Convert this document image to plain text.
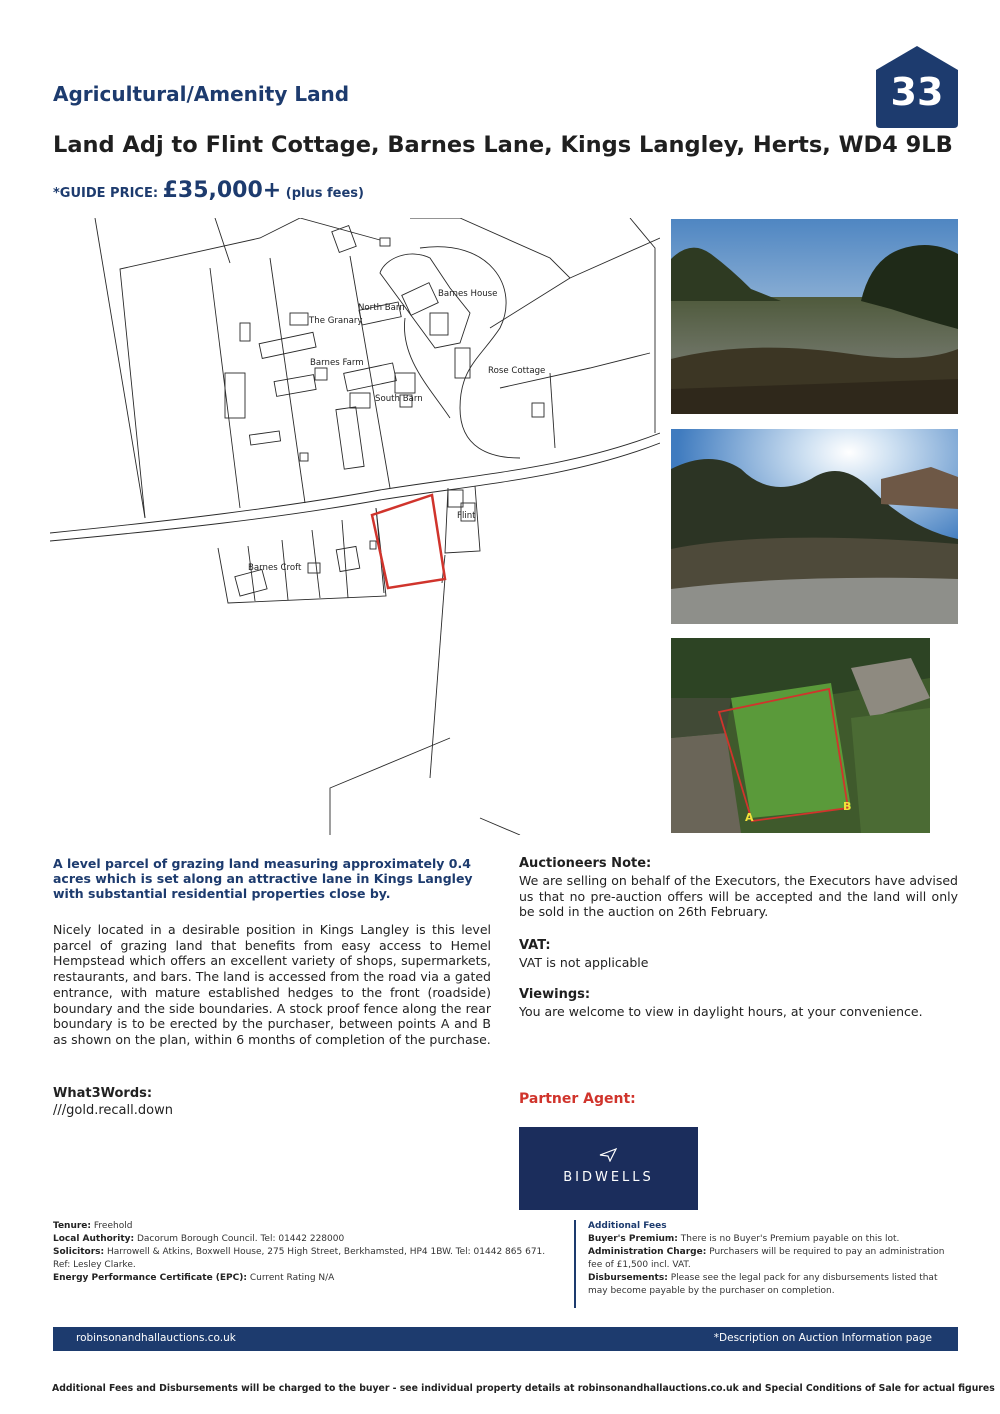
Agricultural/Amenity Land	33
Land Adj to Flint Cottage, Barnes Lane, Kings Langley, Herts, WD4 9LB
*GUIDE PRICE: £35,000+ (plus fees)
Barnes House
North Barn
The Granary
Barnes Farm
Rose Cottage
South Barn
Barnes Croft
Flint
A
B
A level parcel of grazing land measuring approximately 0.4 acres which is set along an attractive lane in Kings Langley with substantial residential properties close by.
Nicely located in a desirable position in Kings Langley is this level parcel of grazing land that benefits from easy access to Hemel Hempstead which offers an excellent variety of shops, supermarkets, restaurants, and bars. The land is accessed from the road via a gated entrance, with mature established hedges to the front (roadside) boundary and the side boundaries. A stock proof fence along the rear boundary is to be erected by the purchaser, between points A and B as shown on the plan, within 6 months of completion of the purchase.
What3Words:
///gold.recall.down
Auctioneers Note:
We are selling on behalf of the Executors, the Executors have advised us that no pre-auction offers will be accepted and the land will only be sold in the auction on 26th February.
VAT:
VAT is not applicable
Viewings:
You are welcome to view in daylight hours, at your convenience.
Partner Agent:
BIDWELLS
Tenure: Freehold
Local Authority: Dacorum Borough Council. Tel: 01442 228000
Solicitors: Harrowell & Atkins, Boxwell House, 275 High Street, Berkhamsted, HP4 1BW. Tel: 01442 865 671. Ref: Lesley Clarke.
Energy Performance Certificate (EPC): Current Rating N/A
Additional Fees
Buyer's Premium: There is no Buyer's Premium payable on this lot.
Administration Charge: Purchasers will be required to pay an administration fee of £1,500 incl. VAT.
Disbursements: Please see the legal pack for any disbursements listed that may become payable by the purchaser on completion.
robinsonandhallauctions.co.uk	*Description on Auction Information page
Additional Fees and Disbursements will be charged to the buyer - see individual property details at robinsonandhallauctions.co.uk and Special Conditions of Sale for actual figures
